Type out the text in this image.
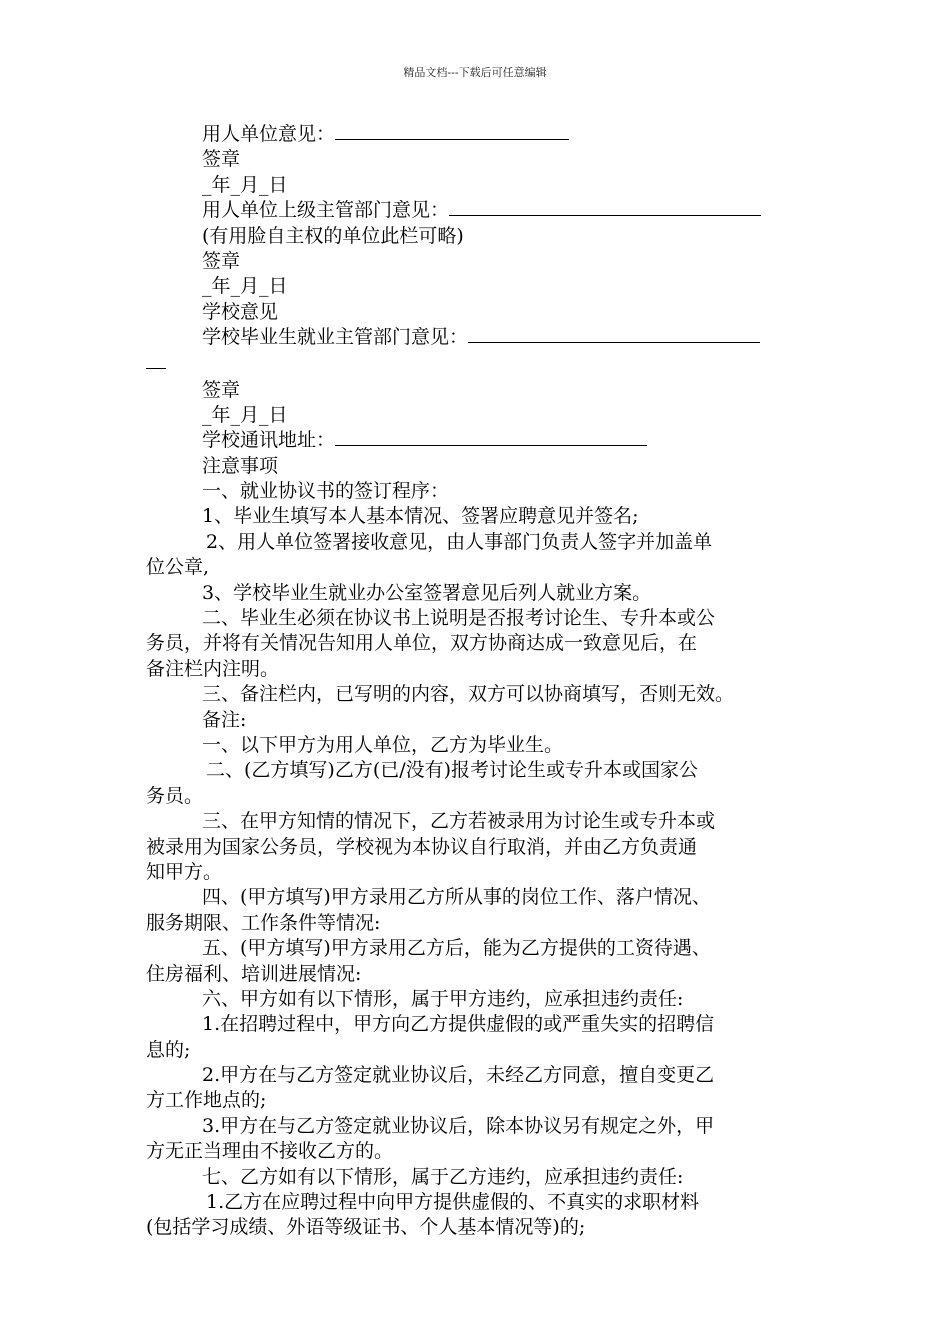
精品文档---下载后可任意编辑
用人单位意见：
签章
_年_月_日
用人单位上级主管部门意见：
(有用脸自主权的单位此栏可略)
签章
_年_月_日
学校意见
学校毕业生就业主管部门意见：
签章
_年_月_日
学校通讯地址：
注意事项
一、就业协议书的签订程序：
1、毕业生填写本人基本情况、签署应聘意见并签名;
2、用人单位签署接收意见，由人事部门负责人签字并加盖单
位公章,
3、学校毕业生就业办公室签署意见后列人就业方案。
二、毕业生必须在协议书上说明是否报考讨论生、专升本或公
务员，并将有关情况告知用人单位，双方协商达成一致意见后，在
备注栏内注明。
三、备注栏内，已写明的内容，双方可以协商填写，否则无效。
备注:
一、以下甲方为用人单位，乙方为毕业生。
二、(乙方填写)乙方(已/没有)报考讨论生或专升本或国家公
务员。
三、在甲方知情的情况下，乙方若被录用为讨论生或专升本或
被录用为国家公务员，学校视为本协议自行取消，并由乙方负责通
知甲方。
四、(甲方填写)甲方录用乙方所从事的岗位工作、落户情况、
服务期限、工作条件等情况:
五、(甲方填写)甲方录用乙方后，能为乙方提供的工资待遇、
住房福利、培训进展情况:
六、甲方如有以下情形，属于甲方违约，应承担违约责任:
1.在招聘过程中，甲方向乙方提供虚假的或严重失实的招聘信
息的;
2.甲方在与乙方签定就业协议后，未经乙方同意，擅自变更乙
方工作地点的;
3.甲方在与乙方签定就业协议后，除本协议另有规定之外，甲
方无正当理由不接收乙方的。
七、乙方如有以下情形，属于乙方违约，应承担违约责任:
1.乙方在应聘过程中向甲方提供虚假的、不真实的求职材料
(包括学习成绩、外语等级证书、个人基本情况等)的;
